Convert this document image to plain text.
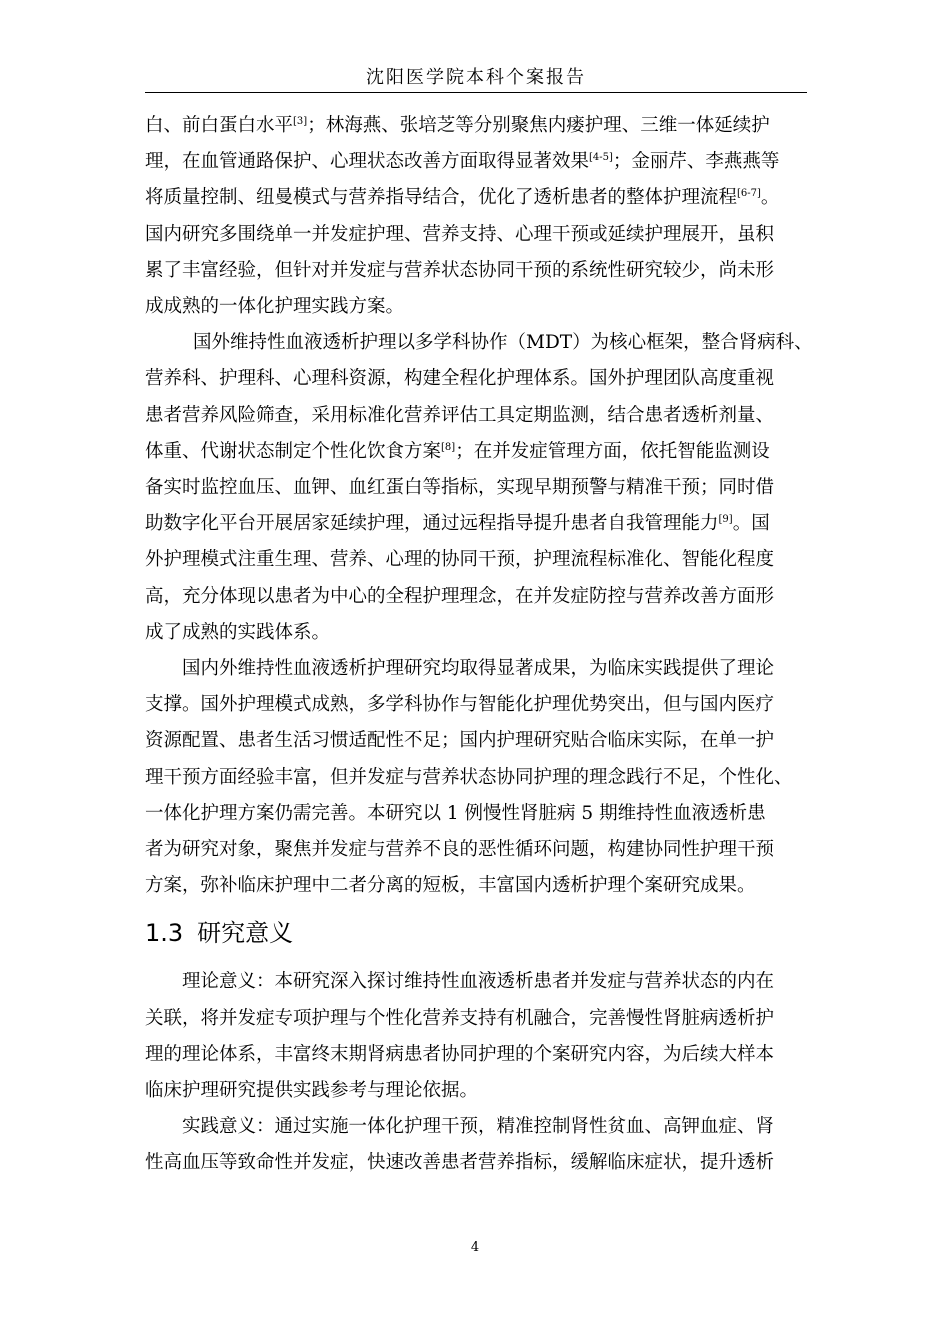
沈阳医学院本科个案报告

白、前白蛋白水平[3]；林海燕、张培芝等分别聚焦内瘘护理、三维一体延续护
理，在血管通路保护、心理状态改善方面取得显著效果[4-5]；金丽芹、李燕燕等
将质量控制、纽曼模式与营养指导结合，优化了透析患者的整体护理流程[6-7]。
国内研究多围绕单一并发症护理、营养支持、心理干预或延续护理展开，虽积
累了丰富经验，但针对并发症与营养状态协同干预的系统性研究较少，尚未形
成成熟的一体化护理实践方案。

国外维持性血液透析护理以多学科协作（MDT）为核心框架，整合肾病科、
营养科、护理科、心理科资源，构建全程化护理体系。国外护理团队高度重视
患者营养风险筛查，采用标准化营养评估工具定期监测，结合患者透析剂量、
体重、代谢状态制定个性化饮食方案[8]；在并发症管理方面，依托智能监测设
备实时监控血压、血钾、血红蛋白等指标，实现早期预警与精准干预；同时借
助数字化平台开展居家延续护理，通过远程指导提升患者自我管理能力[9]。国
外护理模式注重生理、营养、心理的协同干预，护理流程标准化、智能化程度
高，充分体现以患者为中心的全程护理理念，在并发症防控与营养改善方面形
成了成熟的实践体系。

国内外维持性血液透析护理研究均取得显著成果，为临床实践提供了理论
支撑。国外护理模式成熟，多学科协作与智能化护理优势突出，但与国内医疗
资源配置、患者生活习惯适配性不足；国内护理研究贴合临床实际，在单一护
理干预方面经验丰富，但并发症与营养状态协同护理的理念践行不足，个性化、
一体化护理方案仍需完善。本研究以 1 例慢性肾脏病 5 期维持性血液透析患
者为研究对象，聚焦并发症与营养不良的恶性循环问题，构建协同性护理干预
方案，弥补临床护理中二者分离的短板，丰富国内透析护理个案研究成果。

1.3 研究意义

理论意义：本研究深入探讨维持性血液透析患者并发症与营养状态的内在
关联，将并发症专项护理与个性化营养支持有机融合，完善慢性肾脏病透析护
理的理论体系，丰富终末期肾病患者协同护理的个案研究内容，为后续大样本
临床护理研究提供实践参考与理论依据。

实践意义：通过实施一体化护理干预，精准控制肾性贫血、高钾血症、肾
性高血压等致命性并发症，快速改善患者营养指标，缓解临床症状，提升透析

4
